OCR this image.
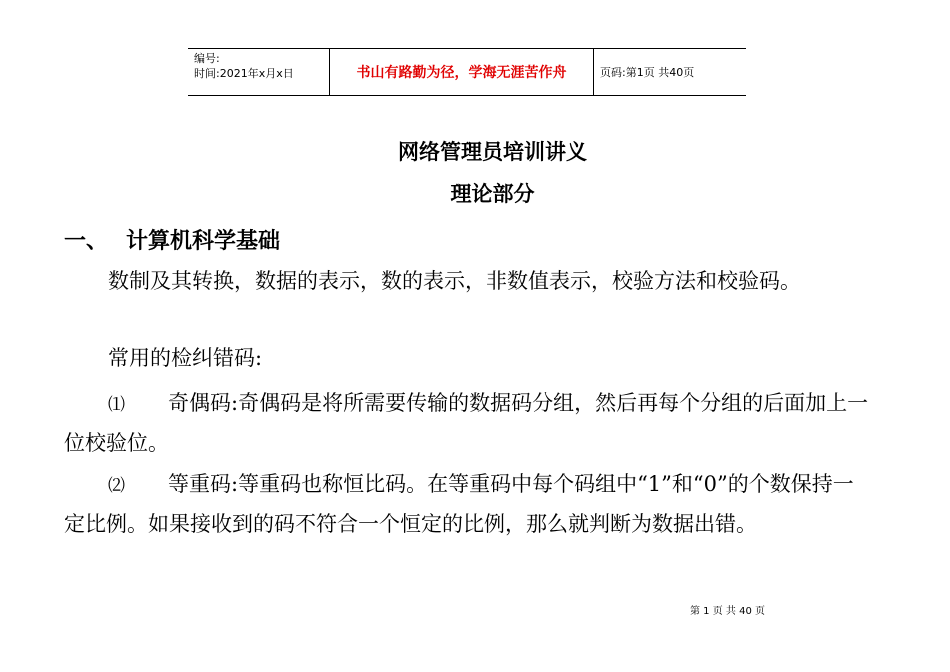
编号:
时间:2021年x月x日	书山有路勤为径，学海无涯苦作舟	页码:第1页 共40页
网络管理员培训讲义
理论部分
一、 计算机科学基础
数制及其转换，数据的表示，数的表示，非数值表示，校验方法和校验码。
常用的检纠错码:
⑴ 奇偶码:奇偶码是将所需要传输的数据码分组，然后再每个分组的后面加上一位校验位。
⑵ 等重码:等重码也称恒比码。在等重码中每个码组中“1”和“0”的个数保持一定比例。如果接收到的码不符合一个恒定的比例，那么就判断为数据出错。
第 1 页 共 40 页
